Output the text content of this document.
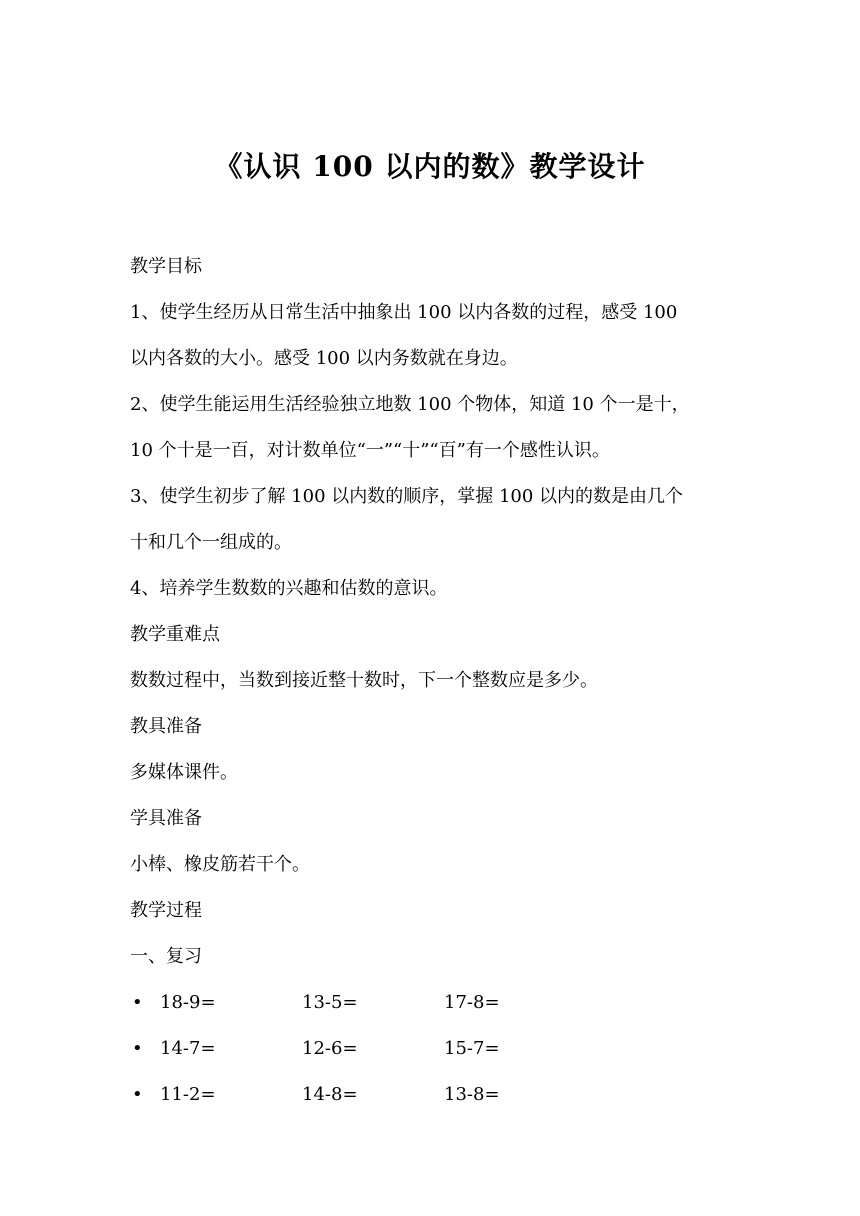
《认识 100 以内的数》教学设计

教学目标

1、使学生经历从日常生活中抽象出 100 以内各数的过程，感受 100

以内各数的大小。感受 100 以内务数就在身边。

2、使学生能运用生活经验独立地数 100 个物体，知道 10 个一是十，

10 个十是一百，对计数单位“一”“十”“百”有一个感性认识。

3、使学生初步了解 100 以内数的顺序，掌握 100 以内的数是由几个

十和几个一组成的。

4、培养学生数数的兴趣和估数的意识。

教学重难点

数数过程中，当数到接近整十数时，下一个整数应是多少。

教具准备

多媒体课件。

学具准备

小棒、橡皮筋若干个。

教学过程

一、复习

• 18-9=	13-5=	17-8=
• 14-7=	12-6=	15-7=
• 11-2=	14-8=	13-8=
